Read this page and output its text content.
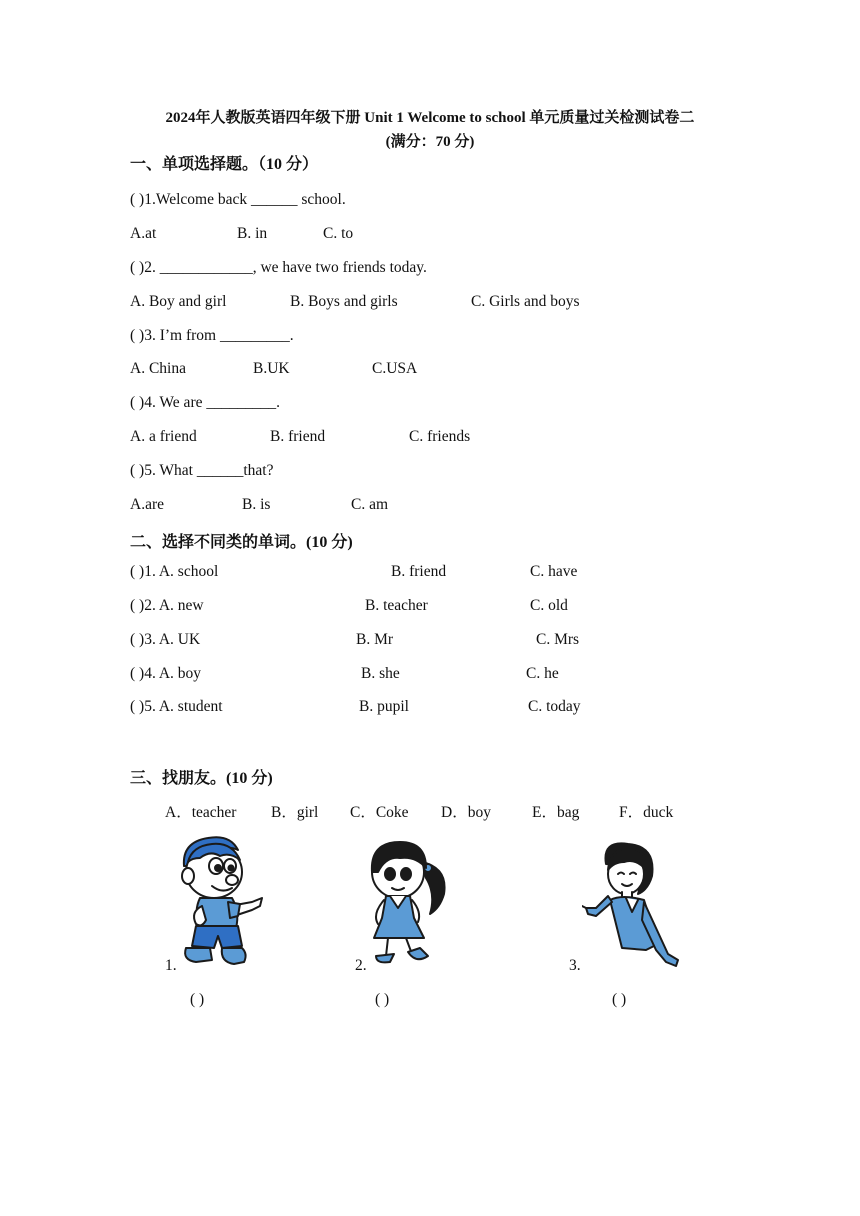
2024年人教版英语四年级下册 Unit 1 Welcome to school 单元质量过关检测试卷二
(满分：70 分)
一、单项选择题。（10 分）
( )1.Welcome back ______ school.
A.at	B. in	C. to
( )2. ____________, we have two friends today.
A. Boy and girl	B. Boys and girls	C. Girls and boys
( )3. I’m from _________.
A. China	B.UK	C.USA
( )4. We are _________.
A. a friend	B. friend	C. friends
( )5. What ______that?
A.are	B. is	C. am
二、选择不同类的单词。(10 分)
( )1. A. school	B. friend	C. have
( )2. A. new	B. teacher	C. old
( )3. A. UK	B. Mr	C. Mrs
( )4. A. boy	B. she	C. he
( )5. A. student	B. pupil	C. today
三、找朋友。(10 分)
A．teacher B．girl C．Coke D．boy	E．bag	F．duck
1.	2.	3.
( )	( )	( )
